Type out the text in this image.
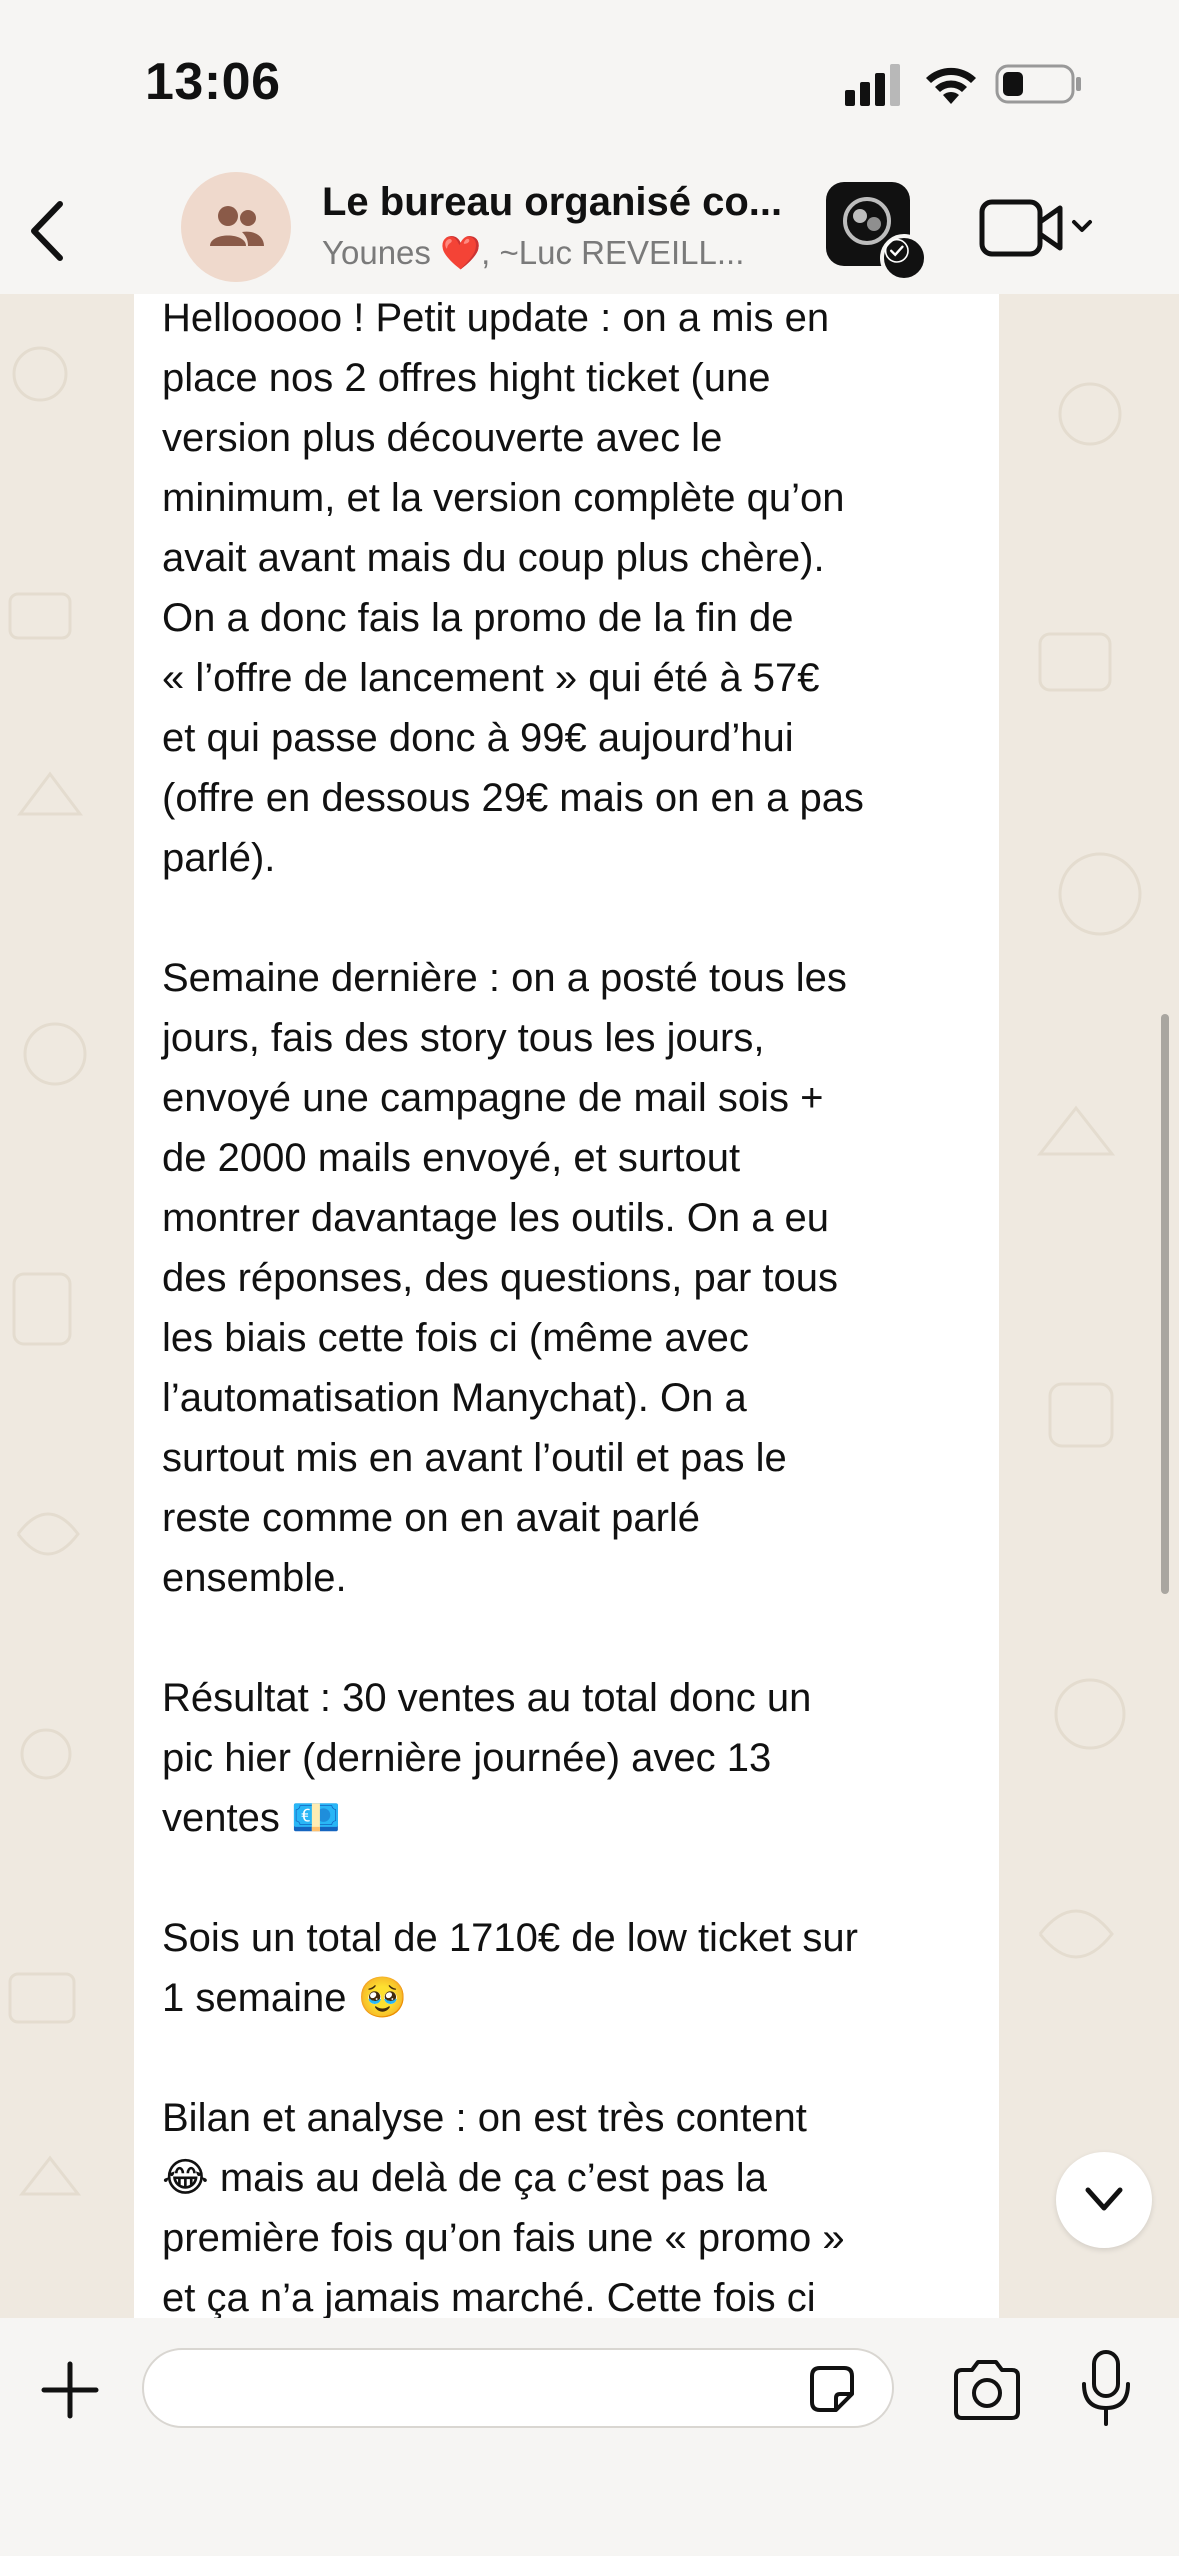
13:06
Le bureau organisé co...
Younes ❤️, ~Luc REVEILL...
Hellooooo ! Petit update : on a mis en
place nos 2 offres hight ticket (une
version plus découverte avec le
minimum, et la version complète qu’on
avait avant mais du coup plus chère).
On a donc fais la promo de la fin de
« l’offre de lancement » qui été à 57€
et qui passe donc à 99€ aujourd’hui
(offre en dessous 29€ mais on en a pas
parlé).

Semaine dernière : on a posté tous les
jours, fais des story tous les jours,
envoyé une campagne de mail sois +
de 2000 mails envoyé, et surtout
montrer davantage les outils. On a eu
des réponses, des questions, par tous
les biais cette fois ci (même avec
l’automatisation Manychat). On a
surtout mis en avant l’outil et pas le
reste comme on en avait parlé
ensemble.

Résultat : 30 ventes au total donc un
pic hier (dernière journée) avec 13
ventes 💶

Sois un total de 1710€ de low ticket sur
1 semaine 🥹

Bilan et analyse : on est très content
😂 mais au delà de ça c’est pas la
première fois qu’on fais une « promo »
et ça n’a jamais marché. Cette fois ci
